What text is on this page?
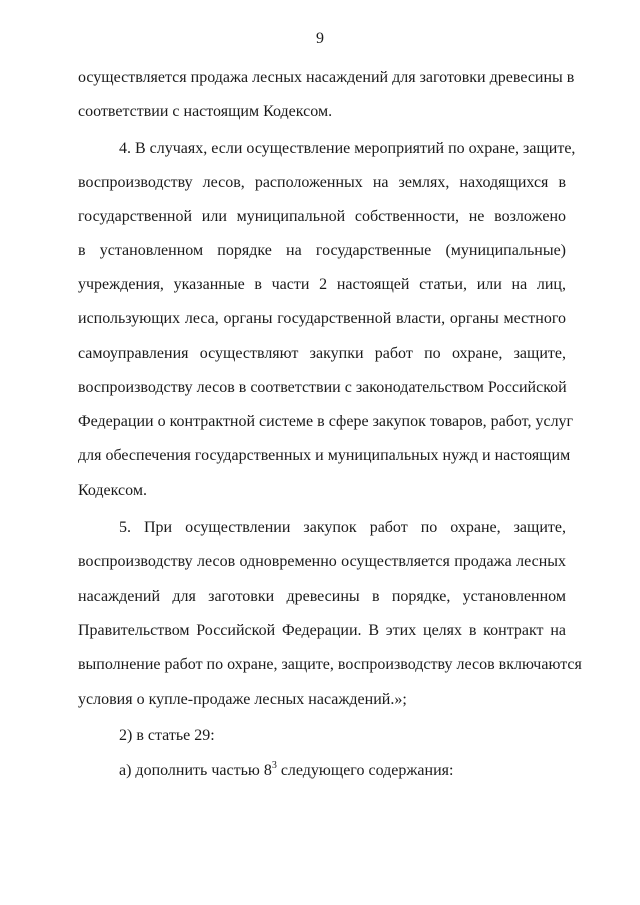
9
осуществляется продажа лесных насаждений для заготовки древесины в
соответствии с настоящим Кодексом.
4. В случаях, если осуществление мероприятий по охране, защите,
воспроизводству лесов, расположенных на землях, находящихся в
государственной или муниципальной собственности, не возложено
в установленном порядке на государственные (муниципальные)
учреждения, указанные в части 2 настоящей статьи, или на лиц,
использующих леса, органы государственной власти, органы местного
самоуправления осуществляют закупки работ по охране, защите,
воспроизводству лесов в соответствии с законодательством Российской
Федерации о контрактной системе в сфере закупок товаров, работ, услуг
для обеспечения государственных и муниципальных нужд и настоящим
Кодексом.
5. При осуществлении закупок работ по охране, защите,
воспроизводству лесов одновременно осуществляется продажа лесных
насаждений для заготовки древесины в порядке, установленном
Правительством Российской Федерации. В этих целях в контракт на
выполнение работ по охране, защите, воспроизводству лесов включаются
условия о купле-продаже лесных насаждений.»;
2) в статье 29:
а) дополнить частью $8^3$ следующего содержания:
